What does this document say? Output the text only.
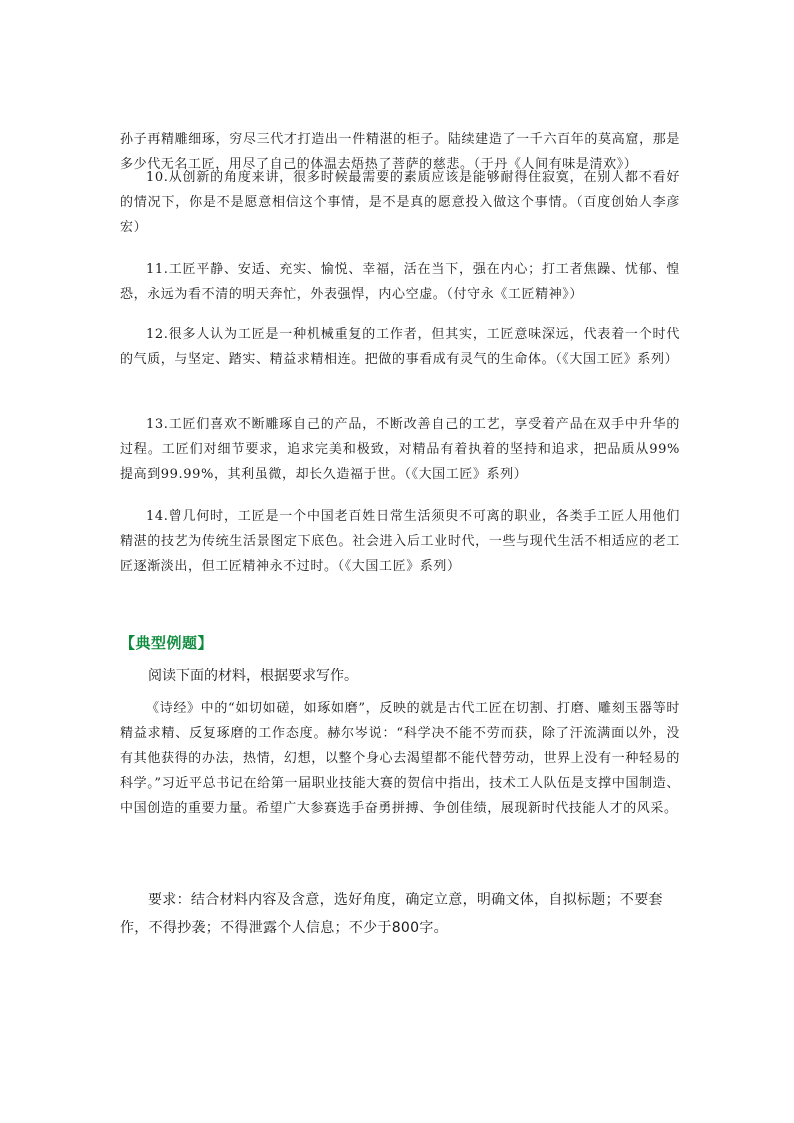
孙子再精雕细琢，穷尽三代才打造出一件精湛的柜子。陆续建造了一千六百年的莫高窟，那是多少代无名工匠，用尽了自己的体温去焐热了菩萨的慈悲。（于丹《人间有味是清欢》）

10.从创新的角度来讲，很多时候最需要的素质应该是能够耐得住寂寞，在别人都不看好的情况下，你是不是愿意相信这个事情，是不是真的愿意投入做这个事情。（百度创始人李彦宏）

11.工匠平静、安适、充实、愉悦、幸福，活在当下，强在内心；打工者焦躁、忧郁、惶恐，永远为看不清的明天奔忙，外表强悍，内心空虚。（付守永《工匠精神》）

12.很多人认为工匠是一种机械重复的工作者，但其实，工匠意味深远，代表着一个时代的气质，与坚定、踏实、精益求精相连。把做的事看成有灵气的生命体。（《大国工匠》系列）

13.工匠们喜欢不断雕琢自己的产品，不断改善自己的工艺，享受着产品在双手中升华的过程。工匠们对细节要求，追求完美和极致，对精品有着执着的坚持和追求，把品质从99%提高到99.99%，其利虽微，却长久造福于世。（《大国工匠》系列）

14.曾几何时，工匠是一个中国老百姓日常生活须臾不可离的职业，各类手工匠人用他们精湛的技艺为传统生活景图定下底色。社会进入后工业时代，一些与现代生活不相适应的老工匠逐渐淡出，但工匠精神永不过时。（《大国工匠》系列）

【典型例题】

阅读下面的材料，根据要求写作。

《诗经》中的“如切如磋，如琢如磨”，反映的就是古代工匠在切割、打磨、雕刻玉器等时精益求精、反复琢磨的工作态度。赫尔岑说：“科学决不能不劳而获，除了汗流满面以外，没有其他获得的办法，热情，幻想，以整个身心去渴望都不能代替劳动，世界上没有一种轻易的科学。”习近平总书记在给第一届职业技能大赛的贺信中指出，技术工人队伍是支撑中国制造、中国创造的重要力量。希望广大参赛选手奋勇拼搏、争创佳绩，展现新时代技能人才的风采。

要求：结合材料内容及含意，选好角度，确定立意，明确文体，自拟标题；不要套作，不得抄袭；不得泄露个人信息；不少于800字。
